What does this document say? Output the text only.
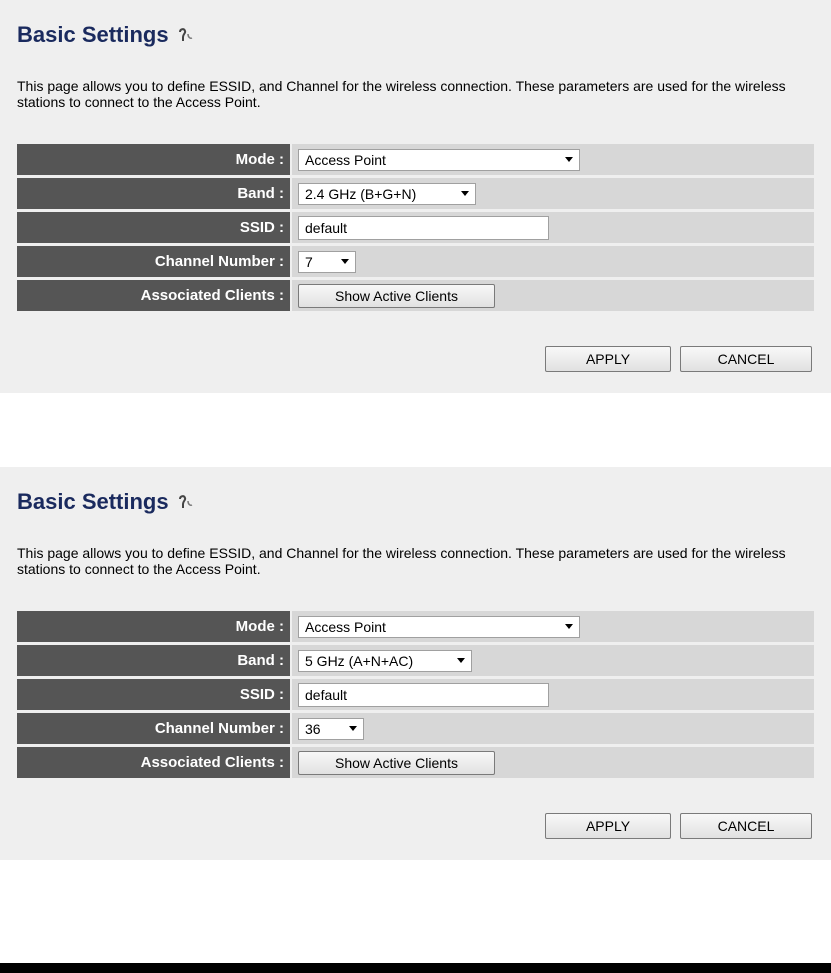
Basic Settings
This page allows you to define ESSID, and Channel for the wireless connection. These parameters are used for the wireless stations to connect to the Access Point.
Mode :	Access Point
Band :	2.4 GHz (B+G+N)
SSID :	default
Channel Number :	7
Associated Clients :	Show Active Clients
APPLY	CANCEL
Basic Settings
This page allows you to define ESSID, and Channel for the wireless connection. These parameters are used for the wireless stations to connect to the Access Point.
Mode :	Access Point
Band :	5 GHz (A+N+AC)
SSID :	default
Channel Number :	36
Associated Clients :	Show Active Clients
APPLY	CANCEL
